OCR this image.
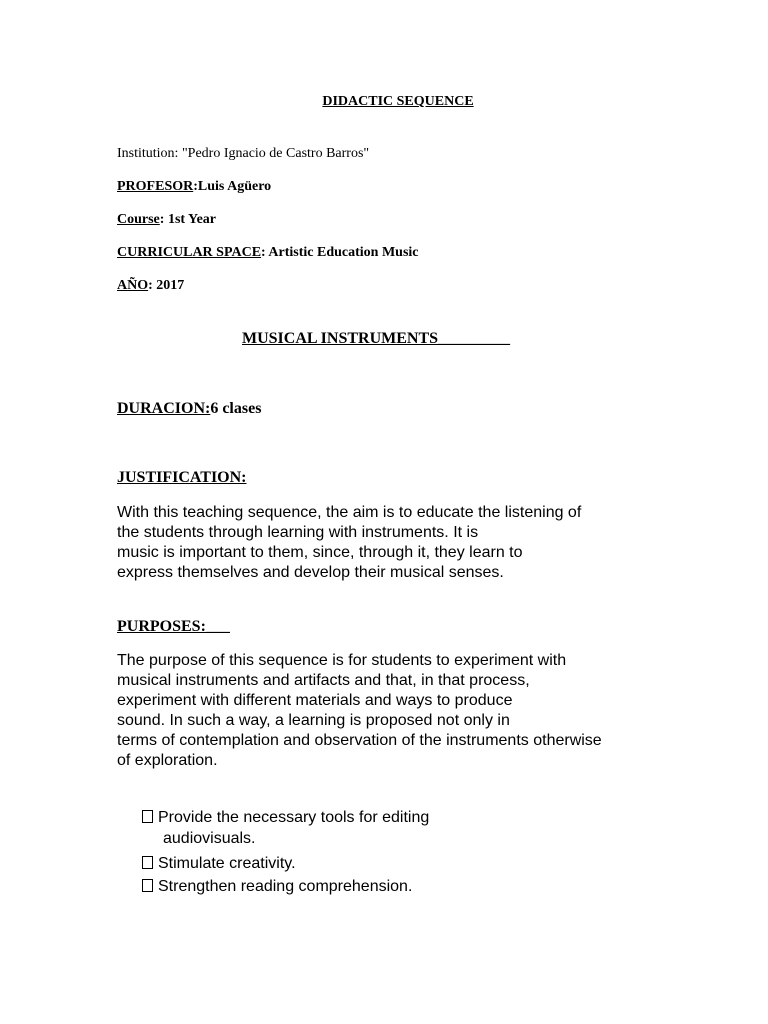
DIDACTIC SEQUENCE
Institution: "Pedro Ignacio de Castro Barros"
PROFESOR:Luis Agüero
Course: 1st Year
CURRICULAR SPACE: Artistic Education Music
AÑO: 2017
MUSICAL INSTRUMENTS_________
DURACION:6 clases
JUSTIFICATION:
With this teaching sequence, the aim is to educate the listening of
the students through learning with instruments. It is
music is important to them, since, through it, they learn to
express themselves and develop their musical senses.
PURPOSES:___
The purpose of this sequence is for students to experiment with
musical instruments and artifacts and that, in that process,
experiment with different materials and ways to produce
sound. In such a way, a learning is proposed not only in
terms of contemplation and observation of the instruments otherwise
of exploration.
Provide the necessary tools for editing
audiovisuals.
Stimulate creativity.
Strengthen reading comprehension.
